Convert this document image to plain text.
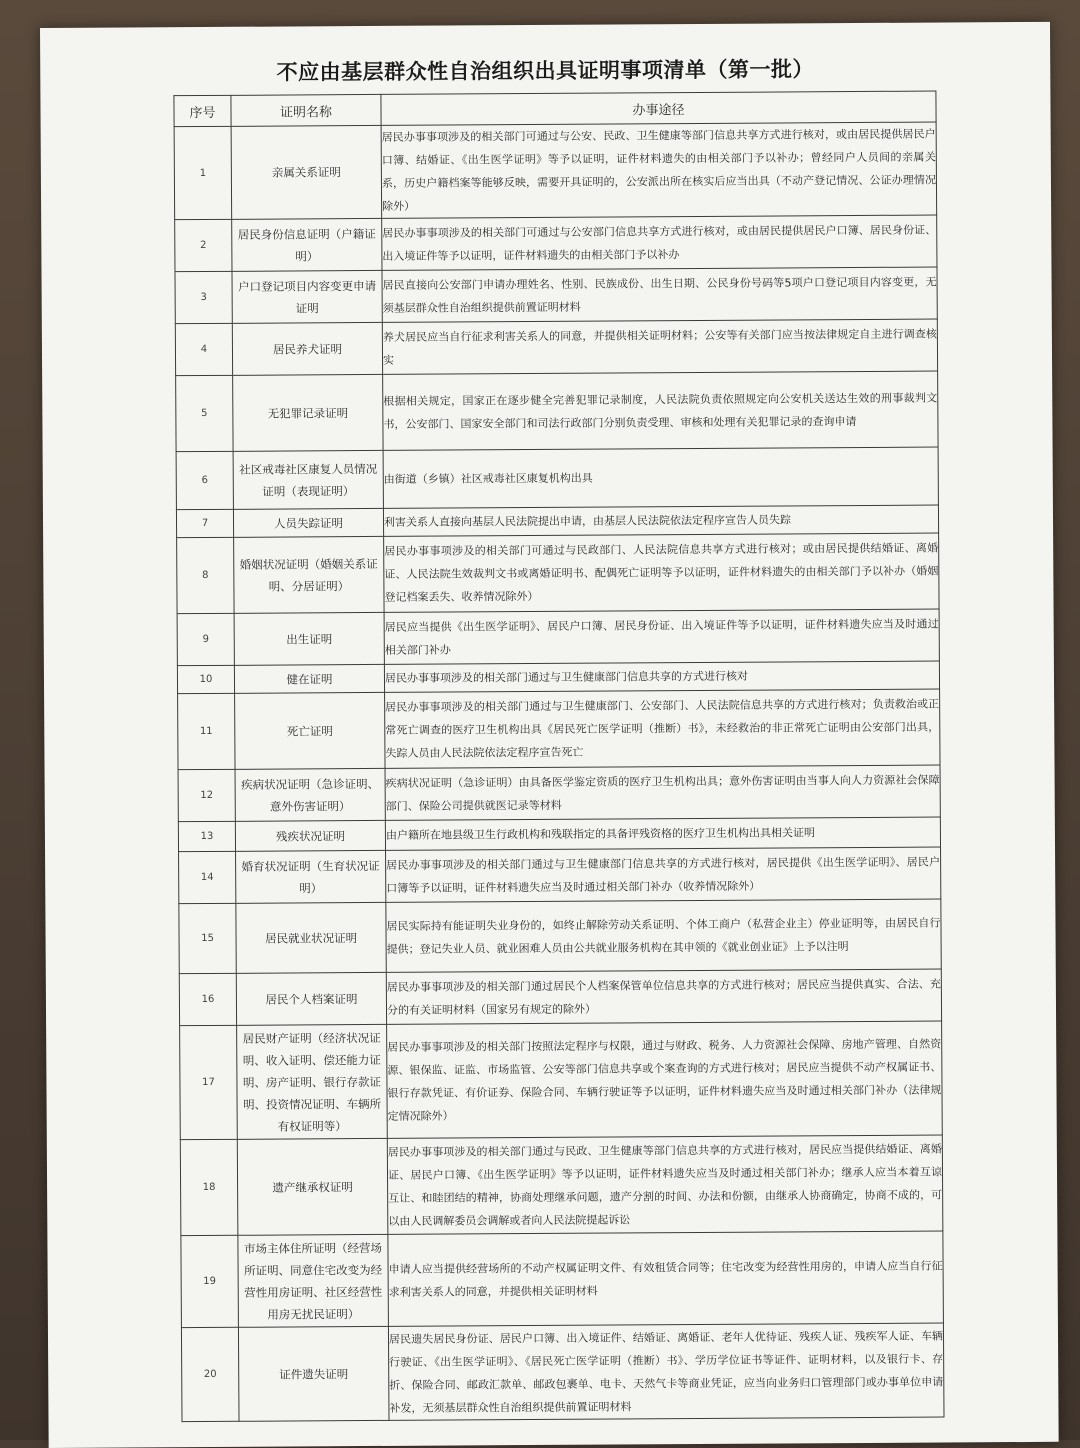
不应由基层群众性自治组织出具证明事项清单（第一批）
序号	证明名称	办事途径
1	亲属关系证明	居民办事事项涉及的相关部门可通过与公安、民政、卫生健康等部门信息共享方式进行核对，或由居民提供居民户口簿、结婚证、《出生医学证明》等予以证明，证件材料遗失的由相关部门予以补办；曾经同户人员间的亲属关系，历史户籍档案等能够反映，需要开具证明的，公安派出所在核实后应当出具（不动产登记情况、公证办理情况除外）
2	居民身份信息证明（户籍证明）	居民办事事项涉及的相关部门可通过与公安部门信息共享方式进行核对，或由居民提供居民户口簿、居民身份证、出入境证件等予以证明，证件材料遗失的由相关部门予以补办
3	户口登记项目内容变更申请证明	居民直接向公安部门申请办理姓名、性别、民族成份、出生日期、公民身份号码等5项户口登记项目内容变更，无须基层群众性自治组织提供前置证明材料
4	居民养犬证明	养犬居民应当自行征求利害关系人的同意，并提供相关证明材料；公安等有关部门应当按法律规定自主进行调查核实
5	无犯罪记录证明	根据相关规定，国家正在逐步健全完善犯罪记录制度，人民法院负责依照规定向公安机关送达生效的刑事裁判文书，公安部门、国家安全部门和司法行政部门分别负责受理、审核和处理有关犯罪记录的查询申请
6	社区戒毒社区康复人员情况证明（表现证明）	由街道（乡镇）社区戒毒社区康复机构出具
7	人员失踪证明	利害关系人直接向基层人民法院提出申请，由基层人民法院依法定程序宣告人员失踪
8	婚姻状况证明（婚姻关系证明、分居证明）	居民办事事项涉及的相关部门可通过与民政部门、人民法院信息共享方式进行核对；或由居民提供结婚证、离婚证、人民法院生效裁判文书或离婚证明书、配偶死亡证明等予以证明，证件材料遗失的由相关部门予以补办（婚姻登记档案丢失、收养情况除外）
9	出生证明	居民应当提供《出生医学证明》、居民户口簿、居民身份证、出入境证件等予以证明，证件材料遗失应当及时通过相关部门补办
10	健在证明	居民办事事项涉及的相关部门通过与卫生健康部门信息共享的方式进行核对
11	死亡证明	居民办事事项涉及的相关部门通过与卫生健康部门、公安部门、人民法院信息共享的方式进行核对；负责救治或正常死亡调查的医疗卫生机构出具《居民死亡医学证明（推断）书》，未经救治的非正常死亡证明由公安部门出具，失踪人员由人民法院依法定程序宣告死亡
12	疾病状况证明（急诊证明、意外伤害证明）	疾病状况证明（急诊证明）由具备医学鉴定资质的医疗卫生机构出具；意外伤害证明由当事人向人力资源社会保障部门、保险公司提供就医记录等材料
13	残疾状况证明	由户籍所在地县级卫生行政机构和残联指定的具备评残资格的医疗卫生机构出具相关证明
14	婚育状况证明（生育状况证明）	居民办事事项涉及的相关部门通过与卫生健康部门信息共享的方式进行核对，居民提供《出生医学证明》、居民户口簿等予以证明，证件材料遗失应当及时通过相关部门补办（收养情况除外）
15	居民就业状况证明	居民实际持有能证明失业身份的，如终止解除劳动关系证明、个体工商户（私营企业主）停业证明等，由居民自行提供；登记失业人员、就业困难人员由公共就业服务机构在其申领的《就业创业证》上予以注明
16	居民个人档案证明	居民办事事项涉及的相关部门通过居民个人档案保管单位信息共享的方式进行核对；居民应当提供真实、合法、充分的有关证明材料（国家另有规定的除外）
17	居民财产证明（经济状况证明、收入证明、偿还能力证明、房产证明、银行存款证明、投资情况证明、车辆所有权证明等）	居民办事事项涉及的相关部门按照法定程序与权限，通过与财政、税务、人力资源社会保障、房地产管理、自然资源、银保监、证监、市场监管、公安等部门信息共享或个案查询的方式进行核对；居民应当提供不动产权属证书、银行存款凭证、有价证券、保险合同、车辆行驶证等予以证明，证件材料遗失应当及时通过相关部门补办（法律规定情况除外）
18	遗产继承权证明	居民办事事项涉及的相关部门通过与民政、卫生健康等部门信息共享的方式进行核对，居民应当提供结婚证、离婚证、居民户口簿、《出生医学证明》等予以证明，证件材料遗失应当及时通过相关部门补办；继承人应当本着互谅互让、和睦团结的精神，协商处理继承问题，遗产分割的时间、办法和份额，由继承人协商确定，协商不成的，可以由人民调解委员会调解或者向人民法院提起诉讼
19	市场主体住所证明（经营场所证明、同意住宅改变为经营性用房证明、社区经营性用房无扰民证明）	申请人应当提供经营场所的不动产权属证明文件、有效租赁合同等；住宅改变为经营性用房的，申请人应当自行征求利害关系人的同意，并提供相关证明材料
20	证件遗失证明	居民遗失居民身份证、居民户口簿、出入境证件、结婚证、离婚证、老年人优待证、残疾人证、残疾军人证、车辆行驶证、《出生医学证明》、《居民死亡医学证明（推断）书》、学历学位证书等证件、证明材料，以及银行卡、存折、保险合同、邮政汇款单、邮政包裹单、电卡、天然气卡等商业凭证，应当向业务归口管理部门或办事单位申请补发，无须基层群众性自治组织提供前置证明材料
